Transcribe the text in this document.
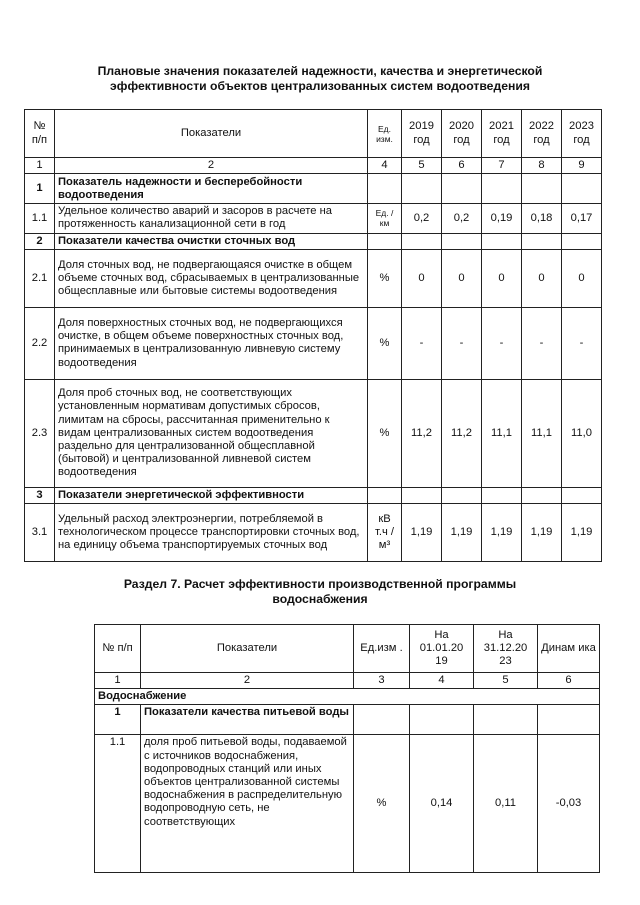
Плановые значения показателей надежности, качества и энергетической
эффективности объектов централизованных систем водоотведения
№ п/п	Показатели	Ед. изм.	2019 год	2020 год	2021 год	2022 год	2023 год
1	2	4	5	6	7	8	9
1	Показатель надежности и бесперебойности водоотведения						
1.1	Удельное количество аварий и засоров в расчете на протяженность канализационной сети в год	Ед. / км	0,2	0,2	0,19	0,18	0,17
2	Показатели качества очистки сточных вод						
2.1	Доля сточных вод, не подвергающаяся очистке в общем объеме сточных вод, сбрасываемых в централизованные общесплавные или бытовые системы водоотведения	%	0	0	0	0	0
2.2	Доля поверхностных сточных вод, не подвергающихся очистке, в общем объеме поверхностных сточных вод, принимаемых в централизованную ливневую систему водоотведения	%	-	-	-	-	-
2.3	Доля проб сточных вод, не соответствующих установленным нормативам допустимых сбросов, лимитам на сбросы, рассчитанная применительно к видам централизованных систем водоотведения раздельно для централизованной общесплавной (бытовой) и централизованной ливневой систем водоотведения	%	11,2	11,2	11,1	11,1	11,0
3	Показатели энергетической эффективности						
3.1	Удельный расход электроэнергии, потребляемой в технологическом процессе транспортировки сточных вод, на единицу объема транспортируемых сточных вод	кВ т.ч / м³	1,19	1,19	1,19	1,19	1,19
Раздел 7. Расчет эффективности производственной программы
водоснабжения
№ п/п	Показатели	Ед.изм .	На 01.01.20 19	На 31.12.20 23	Динам ика
1	2	3	4	5	6
Водоснабжение					
1	Показатели качества питьевой воды				
1.1	доля проб питьевой воды, подаваемой с источников водоснабжения, водопроводных станций или иных объектов централизованной системы водоснабжения в распределительную водопроводную сеть, не соответствующих	%	0,14	0,11	-0,03
